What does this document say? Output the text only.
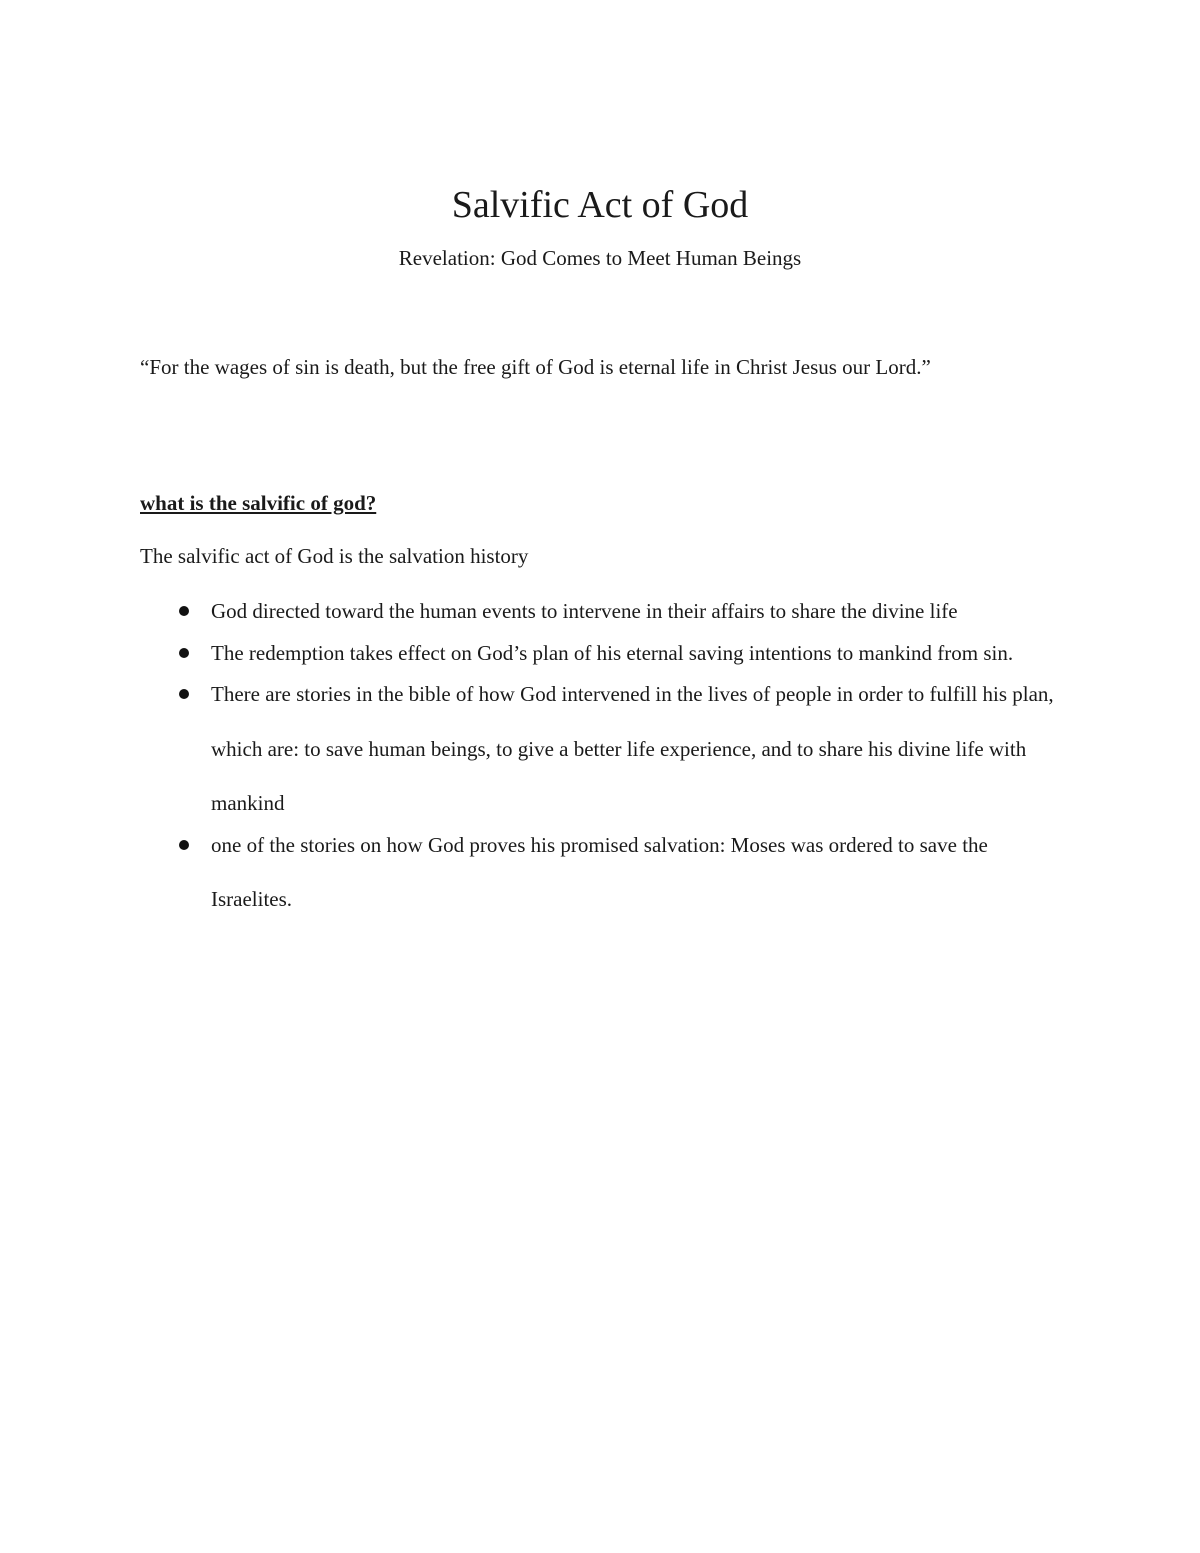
Salvific Act of God

Revelation: God Comes to Meet Human Beings

“For the wages of sin is death, but the free gift of God is eternal life in Christ Jesus our Lord.”

what is the salvific of god?

The salvific act of God is the salvation history

God directed toward the human events to intervene in their affairs to share the divine life
The redemption takes effect on God’s plan of his eternal saving intentions to mankind from sin.
There are stories in the bible of how God intervened in the lives of people in order to fulfill his plan, which are: to save human beings, to give a better life experience, and to share his divine life with mankind
one of the stories on how God proves his promised salvation: Moses was ordered to save the Israelites.
